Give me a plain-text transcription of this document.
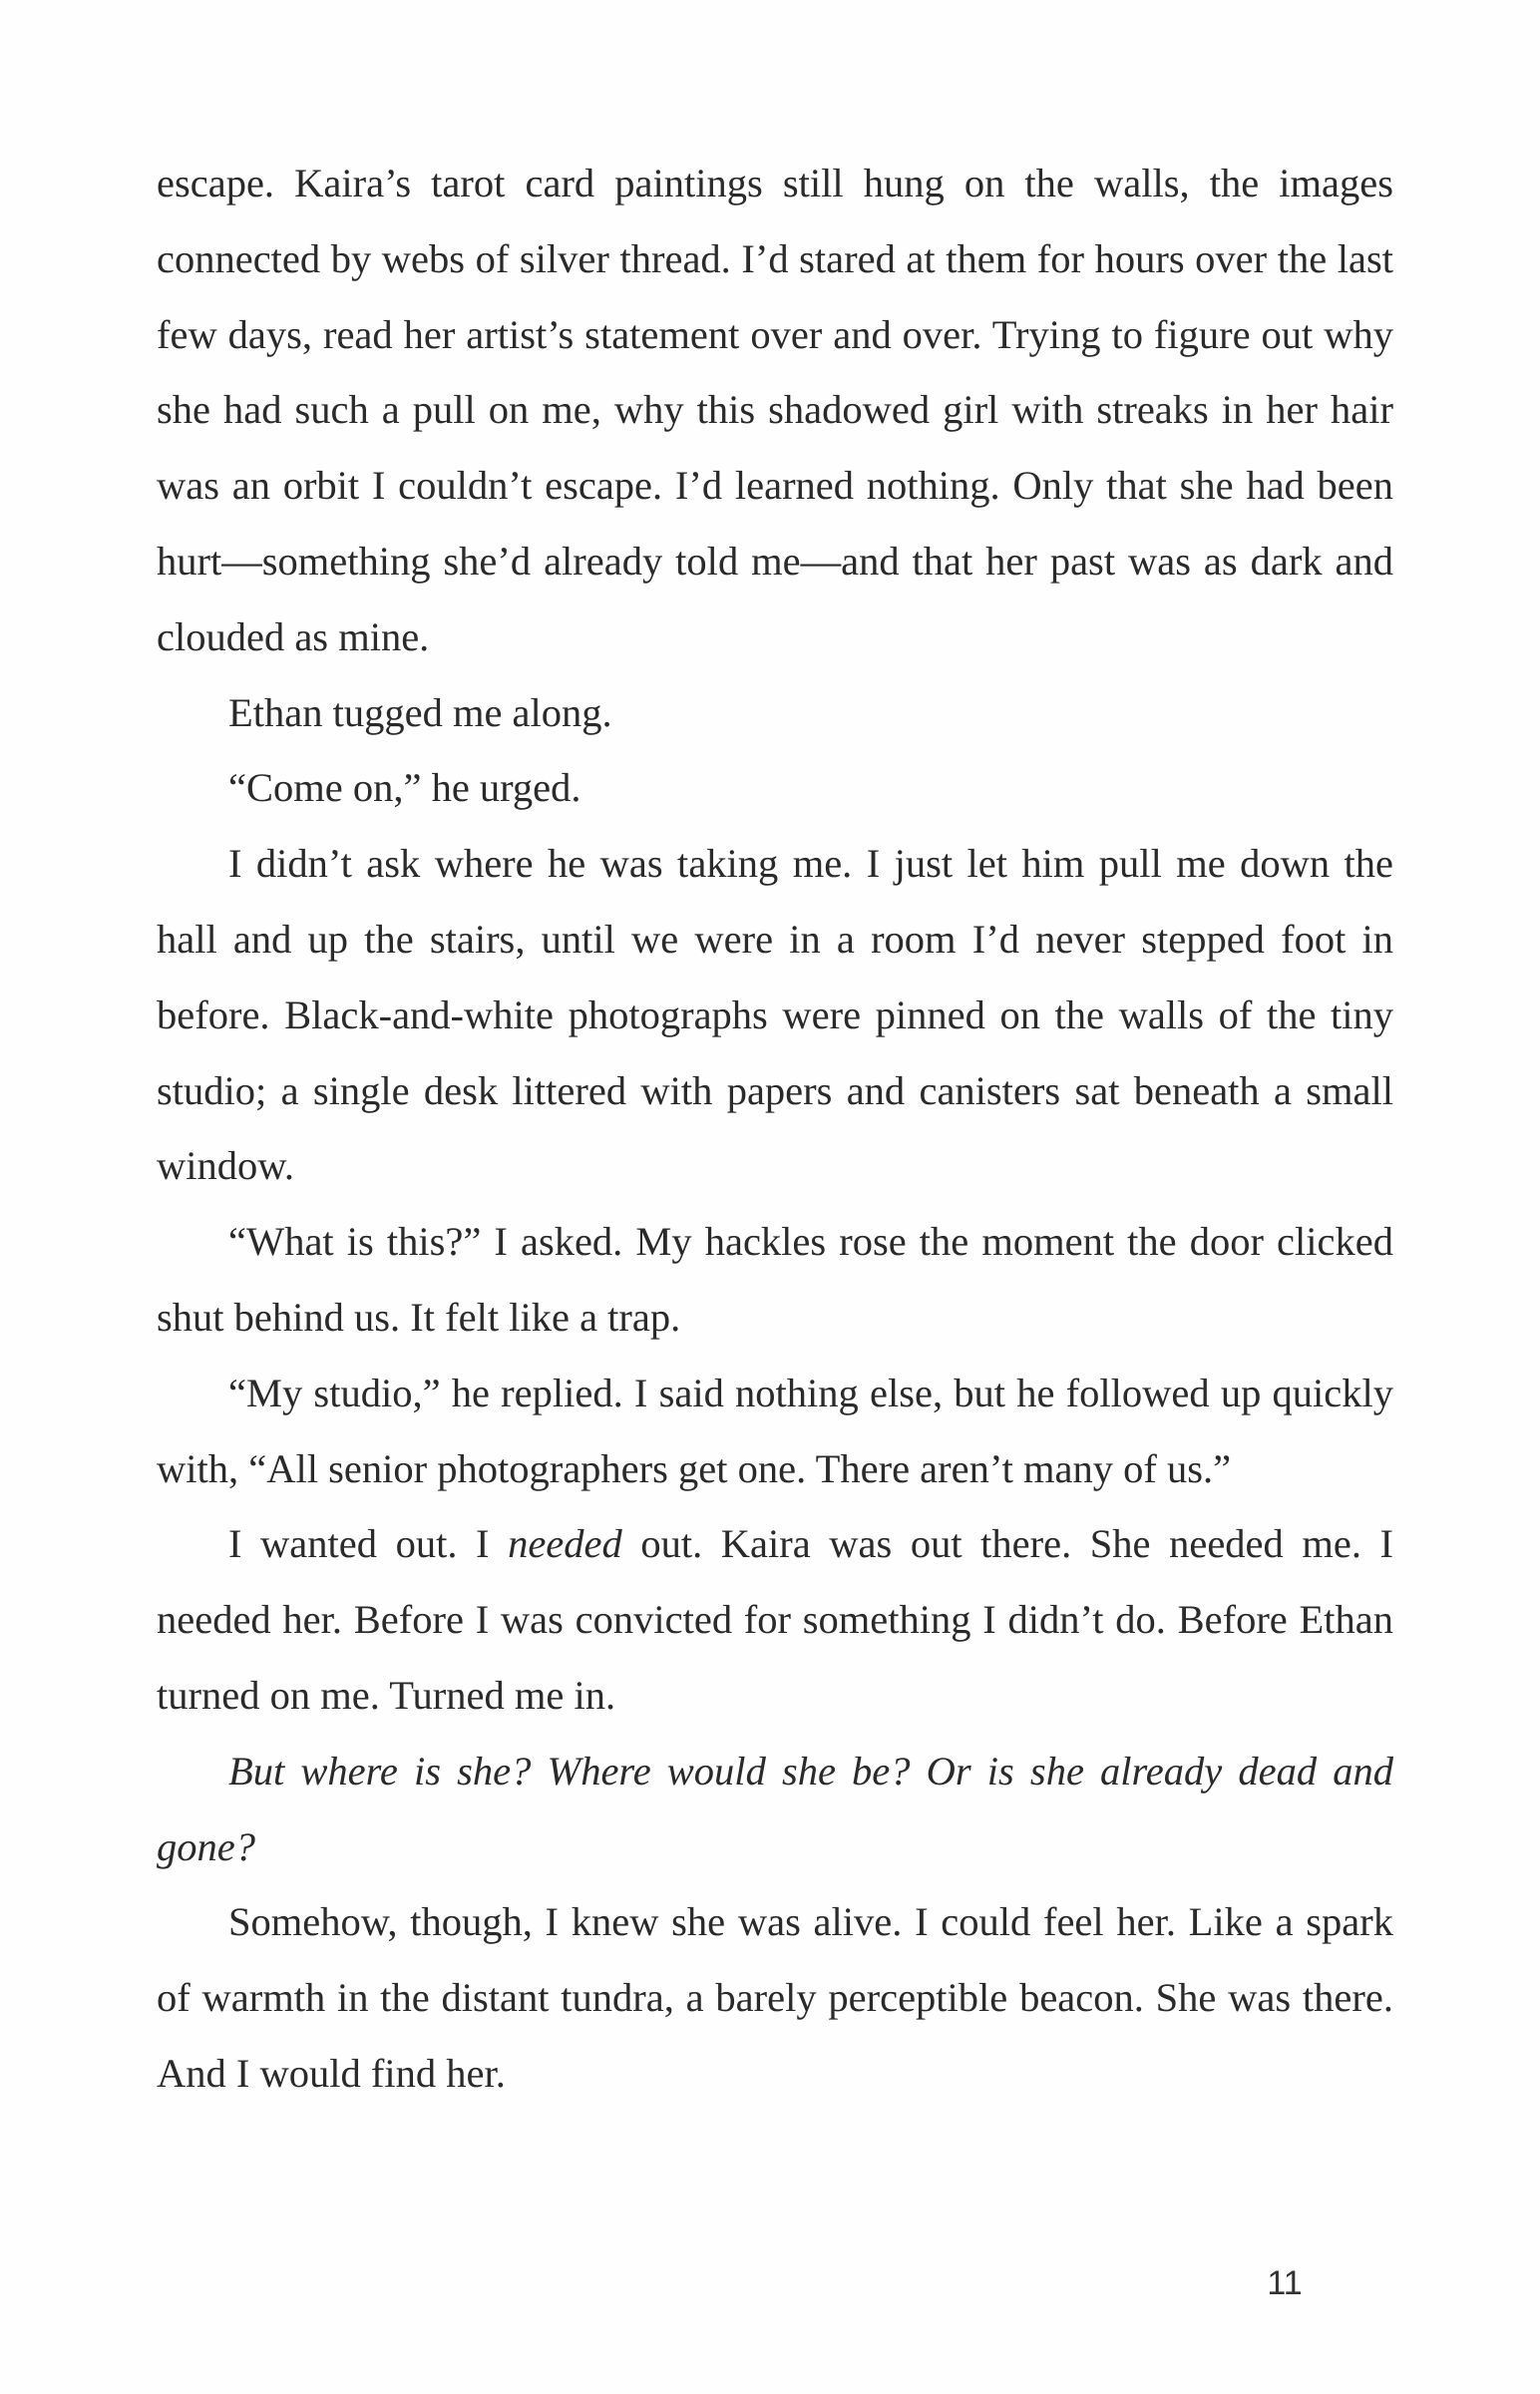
escape. Kaira’s tarot card paintings still hung on the walls, the images connected by webs of silver thread. I’d stared at them for hours over the last few days, read her artist’s statement over and over. Trying to figure out why she had such a pull on me, why this shadowed girl with streaks in her hair was an orbit I couldn’t escape. I’d learned nothing. Only that she had been hurt—something she’d already told me—and that her past was as dark and clouded as mine.

Ethan tugged me along.

“Come on,” he urged.

I didn’t ask where he was taking me. I just let him pull me down the hall and up the stairs, until we were in a room I’d never stepped foot in before. Black-and-white photographs were pinned on the walls of the tiny studio; a single desk littered with papers and canisters sat beneath a small window.

“What is this?” I asked. My hackles rose the moment the door clicked shut behind us. It felt like a trap.

“My studio,” he replied. I said nothing else, but he followed up quickly with, “All senior photographers get one. There aren’t many of us.”

I wanted out. I needed out. Kaira was out there. She needed me. I needed her. Before I was convicted for something I didn’t do. Before Ethan turned on me. Turned me in.

But where is she? Where would she be? Or is she already dead and gone?

Somehow, though, I knew she was alive. I could feel her. Like a spark of warmth in the distant tundra, a barely perceptible beacon. She was there. And I would find her.

11
